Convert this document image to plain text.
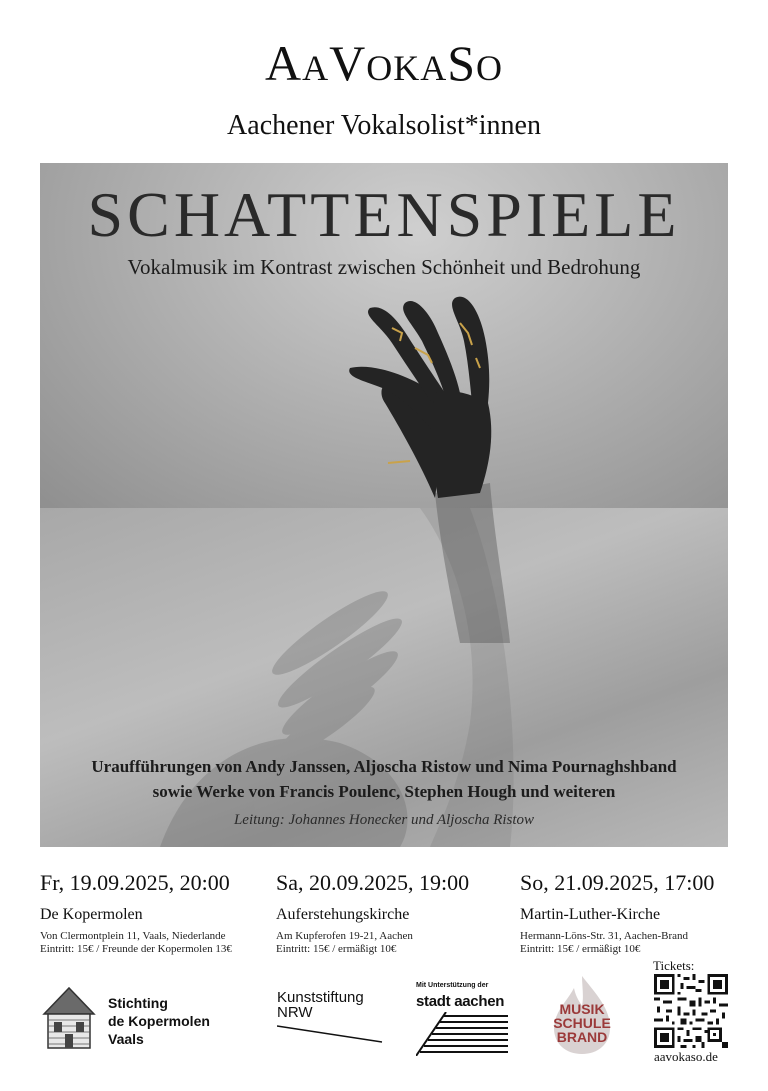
AAVOKASO
Aachener Vokalsolist*innen
SCHATTENSPIELE
Vokalmusik im Kontrast zwischen Schönheit und Bedrohung
Uraufführungen von Andy Janssen, Aljoscha Ristow und Nima Pournaghshband
sowie Werke von Francis Poulenc, Stephen Hough und weiteren
Leitung: Johannes Honecker und Aljoscha Ristow
Fr, 19.09.2025, 20:00
De Kopermolen
Von Clermontplein 11, Vaals, Niederlande
Eintritt: 15€ / Freunde der Kopermolen 13€
Sa, 20.09.2025, 19:00
Auferstehungskirche
Am Kupferofen 19-21, Aachen
Eintritt: 15€ / ermäßigt 10€
So, 21.09.2025, 17:00
Martin-Luther-Kirche
Hermann-Löns-Str. 31, Aachen-Brand
Eintritt: 15€ / ermäßigt 10€
Stichting
de Kopermolen
Vaals
Kunststiftung
NRW
Mit Unterstützung der
stadt aachen	MUSIK
SCHULE
BRAND
Tickets:
aavokaso.de
